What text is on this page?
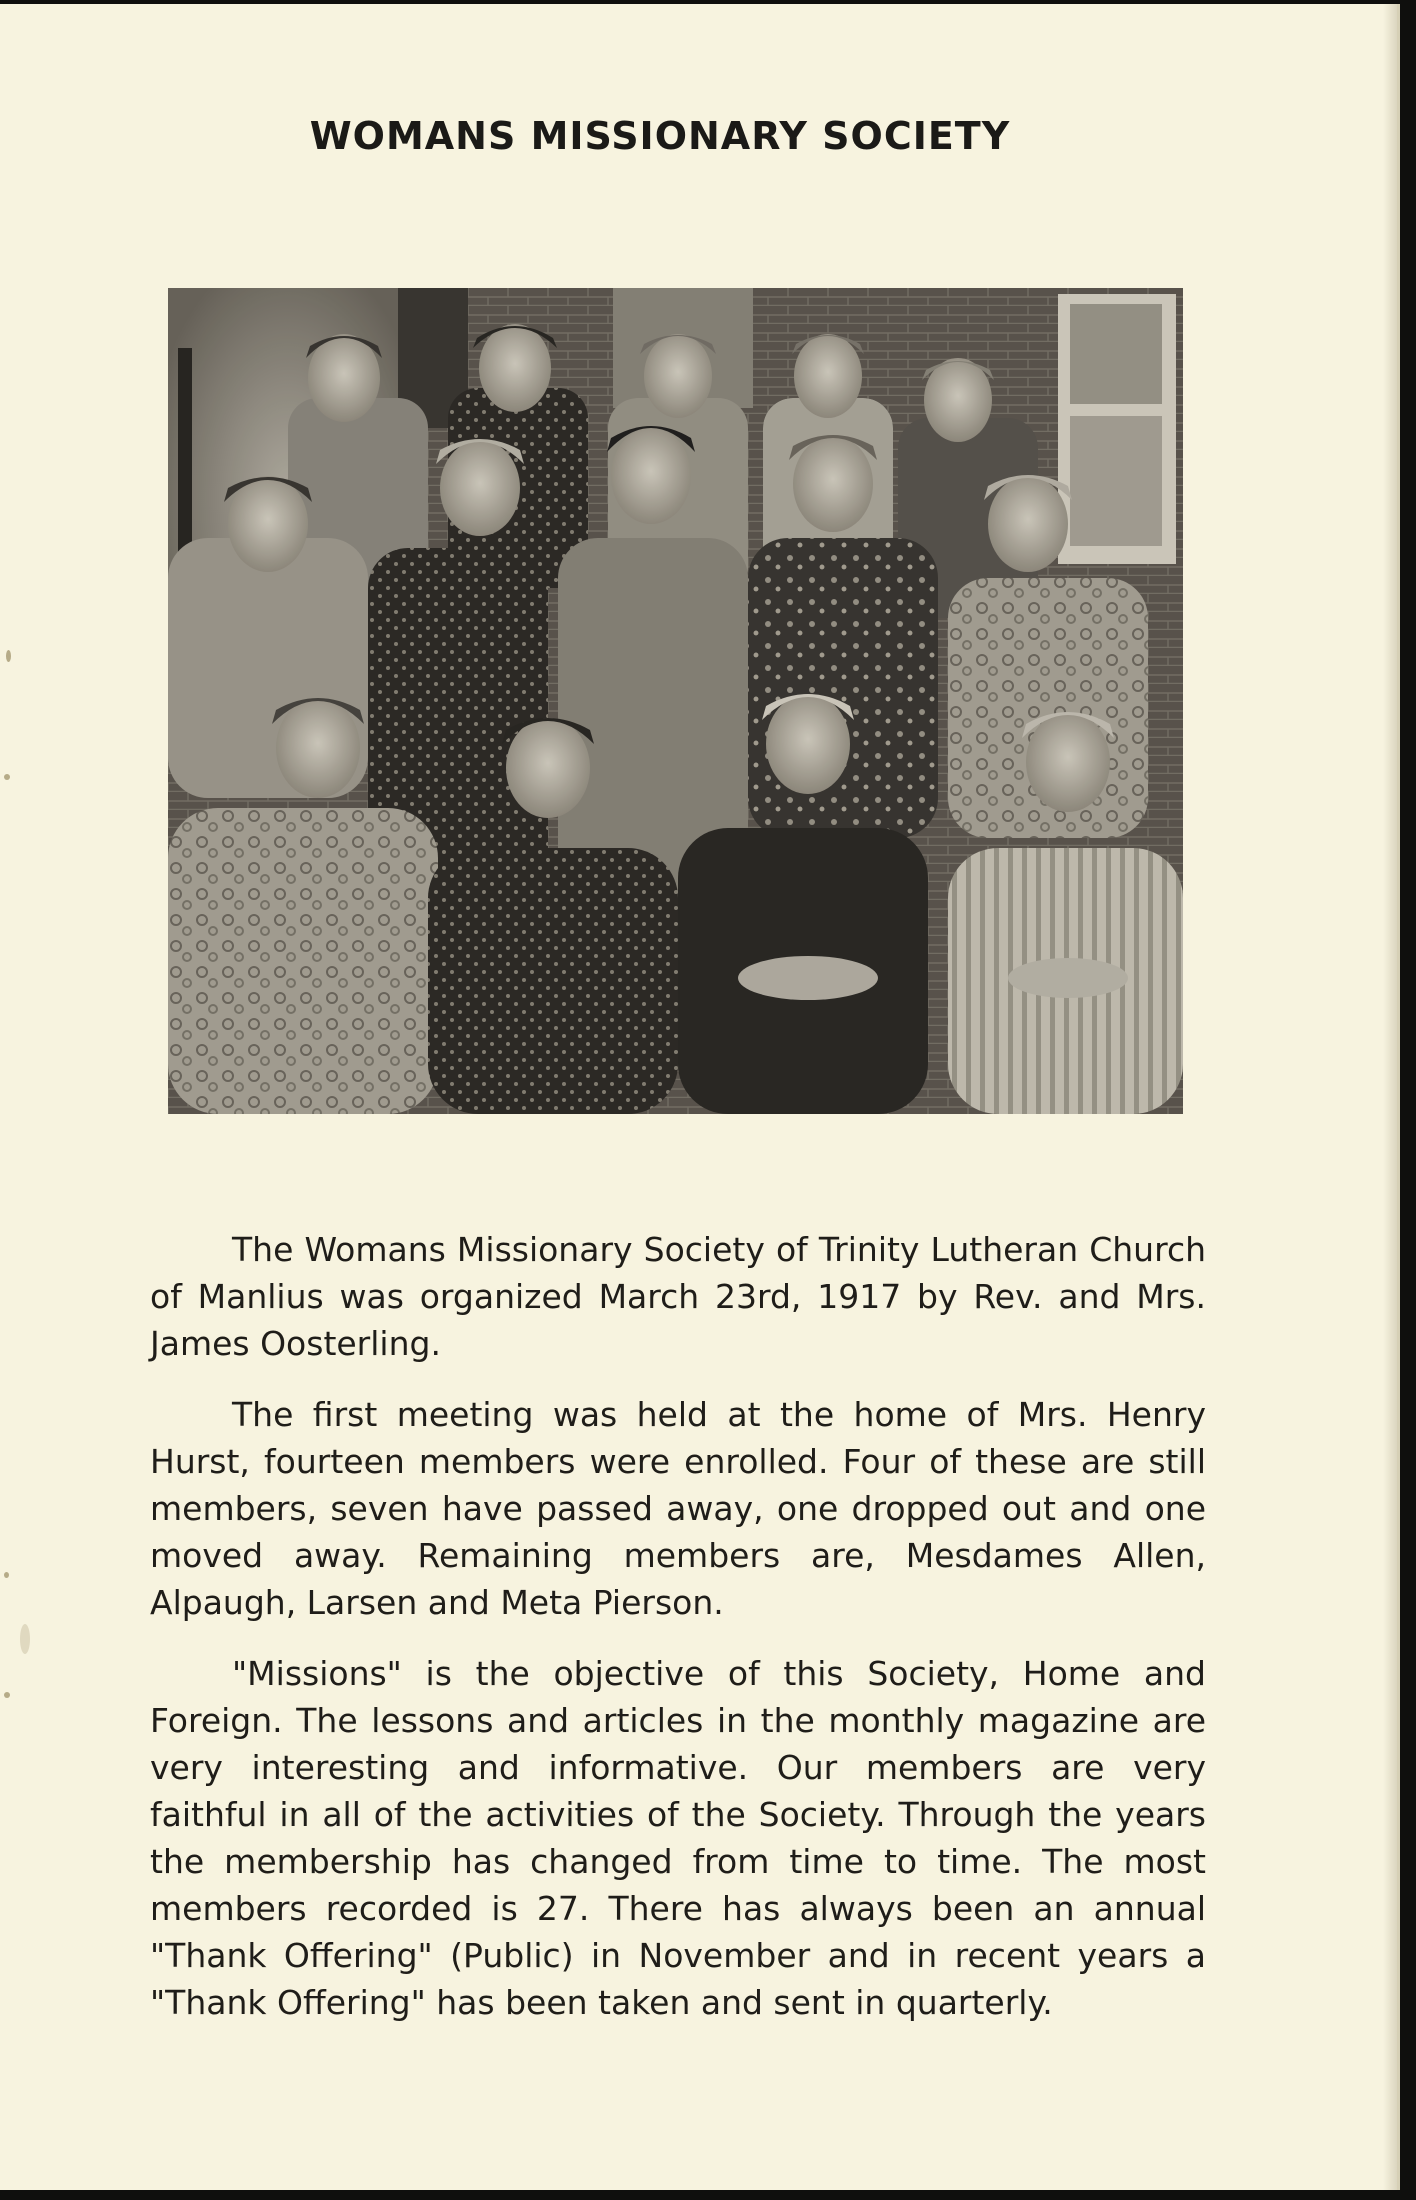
WOMANS MISSIONARY SOCIETY

The Womans Missionary Society of Trinity Lutheran Church of Manlius was organized March 23rd, 1917 by Rev. and Mrs. James Oosterling.

The first meeting was held at the home of Mrs. Henry Hurst, fourteen members were enrolled. Four of these are still members, seven have passed away, one dropped out and one moved away. Remaining members are, Mesdames Allen, Alpaugh, Larsen and Meta Pierson.

"Missions" is the objective of this Society, Home and Foreign. The lessons and articles in the monthly magazine are very interesting and informative. Our members are very faithful in all of the activities of the Society. Through the years the membership has changed from time to time. The most members recorded is 27. There has always been an annual "Thank Offering" (Public) in November and in recent years a "Thank Offering" has been taken and sent in quarterly.
